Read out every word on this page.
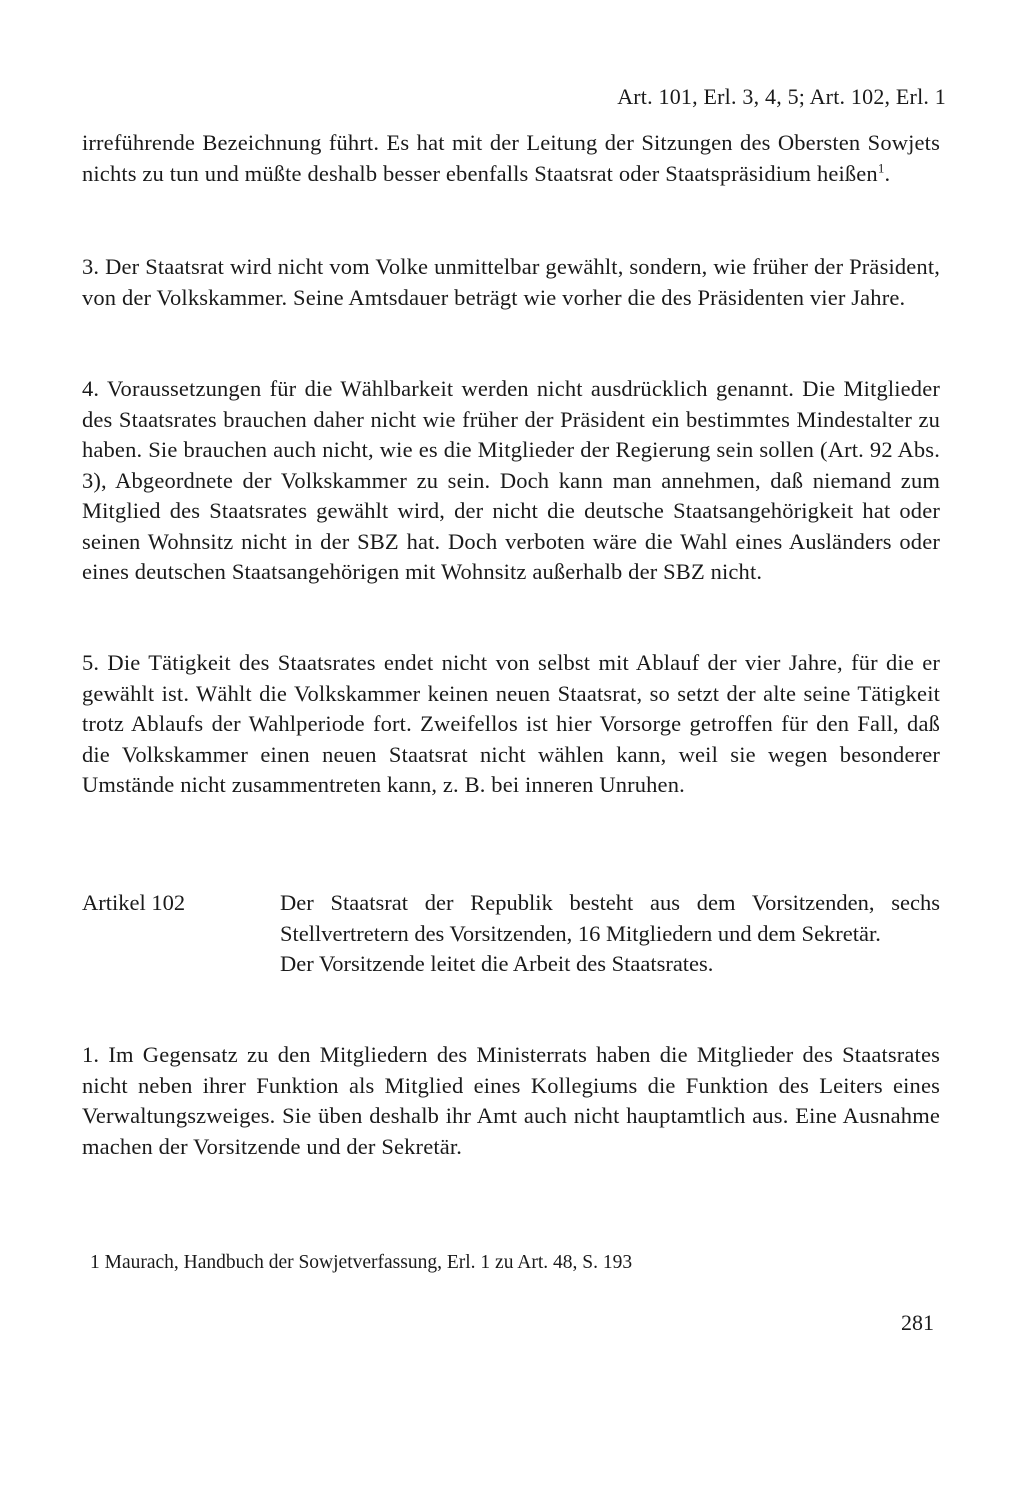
Art. 101, Erl. 3, 4, 5; Art. 102, Erl. 1

irreführende Bezeichnung führt. Es hat mit der Leitung der Sitzungen des Obersten Sowjets nichts zu tun und müßte deshalb besser ebenfalls Staatsrat oder Staatspräsidium heißen$^1$.

3. Der Staatsrat wird nicht vom Volke unmittelbar gewählt, sondern, wie früher der Präsident, von der Volkskammer. Seine Amtsdauer beträgt wie vorher die des Präsidenten vier Jahre.

4. Voraussetzungen für die Wählbarkeit werden nicht ausdrücklich genannt. Die Mitglieder des Staatsrates brauchen daher nicht wie früher der Präsident ein bestimmtes Mindestalter zu haben. Sie brauchen auch nicht, wie es die Mitglieder der Regierung sein sollen (Art. 92 Abs. 3), Abgeordnete der Volkskammer zu sein. Doch kann man annehmen, daß niemand zum Mitglied des Staatsrates gewählt wird, der nicht die deutsche Staatsangehörigkeit hat oder seinen Wohnsitz nicht in der SBZ hat. Doch verboten wäre die Wahl eines Ausländers oder eines deutschen Staatsangehörigen mit Wohnsitz außerhalb der SBZ nicht.

5. Die Tätigkeit des Staatsrates endet nicht von selbst mit Ablauf der vier Jahre, für die er gewählt ist. Wählt die Volkskammer keinen neuen Staatsrat, so setzt der alte seine Tätigkeit trotz Ablaufs der Wahlperiode fort. Zweifellos ist hier Vorsorge getroffen für den Fall, daß die Volkskammer einen neuen Staatsrat nicht wählen kann, weil sie wegen besonderer Umstände nicht zusammentreten kann, z. B. bei inneren Unruhen.

Artikel 102	Der Staatsrat der Republik besteht aus dem Vorsitzenden, sechs Stellvertretern des Vorsitzenden, 16 Mitgliedern und dem Sekretär.

Der Vorsitzende leitet die Arbeit des Staatsrates.

1. Im Gegensatz zu den Mitgliedern des Ministerrats haben die Mitglieder des Staatsrates nicht neben ihrer Funktion als Mitglied eines Kollegiums die Funktion des Leiters eines Verwaltungszweiges. Sie üben deshalb ihr Amt auch nicht hauptamtlich aus. Eine Ausnahme machen der Vorsitzende und der Sekretär.

1 Maurach, Handbuch der Sowjetverfassung, Erl. 1 zu Art. 48, S. 193
281
